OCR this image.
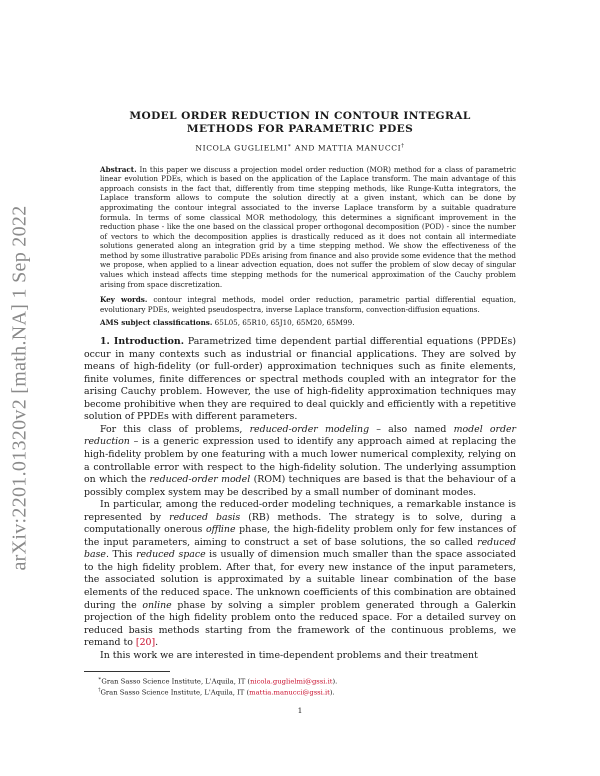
arXiv:2201.01320v2 [math.NA] 1 Sep 2022
MODEL ORDER REDUCTION IN CONTOUR INTEGRAL
METHODS FOR PARAMETRIC PDES
NICOLA GUGLIELMI∗ AND MATTIA MANUCCI†

Abstract. In this paper we discuss a projection model order reduction (MOR) method for a class of parametric linear evolution PDEs, which is based on the application of the Laplace transform. The main advantage of this approach consists in the fact that, differently from time stepping methods, like Runge-Kutta integrators, the Laplace transform allows to compute the solution directly at a given instant, which can be done by approximating the contour integral associated to the inverse Laplace transform by a suitable quadrature formula. In terms of some classical MOR methodology, this determines a significant improvement in the reduction phase - like the one based on the classical proper orthogonal decomposition (POD) - since the number of vectors to which the decomposition applies is drastically reduced as it does not contain all intermediate solutions generated along an integration grid by a time stepping method. We show the effectiveness of the method by some illustrative parabolic PDEs arising from finance and also provide some evidence that the method we propose, when applied to a linear advection equation, does not suffer the problem of slow decay of singular values which instead affects time stepping methods for the numerical approximation of the Cauchy problem arising from space discretization.

Key words. contour integral methods, model order reduction, parametric partial differential equation, evolutionary PDEs, weighted pseudospectra, inverse Laplace transform, convection-diffusion equations.

AMS subject classifications. 65L05, 65R10, 65J10, 65M20, 65M99.

1. Introduction. Parametrized time dependent partial differential equations (PPDEs) occur in many contexts such as industrial or financial applications. They are solved by means of high-fidelity (or full-order) approximation techniques such as finite elements, finite volumes, finite differences or spectral methods coupled with an integrator for the arising Cauchy problem. However, the use of high-fidelity approximation techniques may become prohibitive when they are required to deal quickly and efficiently with a repetitive solution of PPDEs with different parameters.

For this class of problems, reduced-order modeling – also named model order reduction – is a generic expression used to identify any approach aimed at replacing the high-fidelity problem by one featuring with a much lower numerical complexity, relying on a controllable error with respect to the high-fidelity solution. The underlying assumption on which the reduced-order model (ROM) techniques are based is that the behaviour of a possibly complex system may be described by a small number of dominant modes.

In particular, among the reduced-order modeling techniques, a remarkable instance is represented by reduced basis (RB) methods. The strategy is to solve, during a computationally onerous offline phase, the high-fidelity problem only for few instances of the input parameters, aiming to construct a set of base solutions, the so called reduced base. This reduced space is usually of dimension much smaller than the space associated to the high fidelity problem. After that, for every new instance of the input parameters, the associated solution is approximated by a suitable linear combination of the base elements of the reduced space. The unknown coefficients of this combination are obtained during the online phase by solving a simpler problem generated through a Galerkin projection of the high fidelity problem onto the reduced space. For a detailed survey on reduced basis methods starting from the framework of the continuous problems, we remand to [20].

In this work we are interested in time-dependent problems and their treatment

∗Gran Sasso Science Institute, L'Aquila, IT (nicola.guglielmi@gssi.it).

†Gran Sasso Science Institute, L'Aquila, IT (mattia.manucci@gssi.it).

1
